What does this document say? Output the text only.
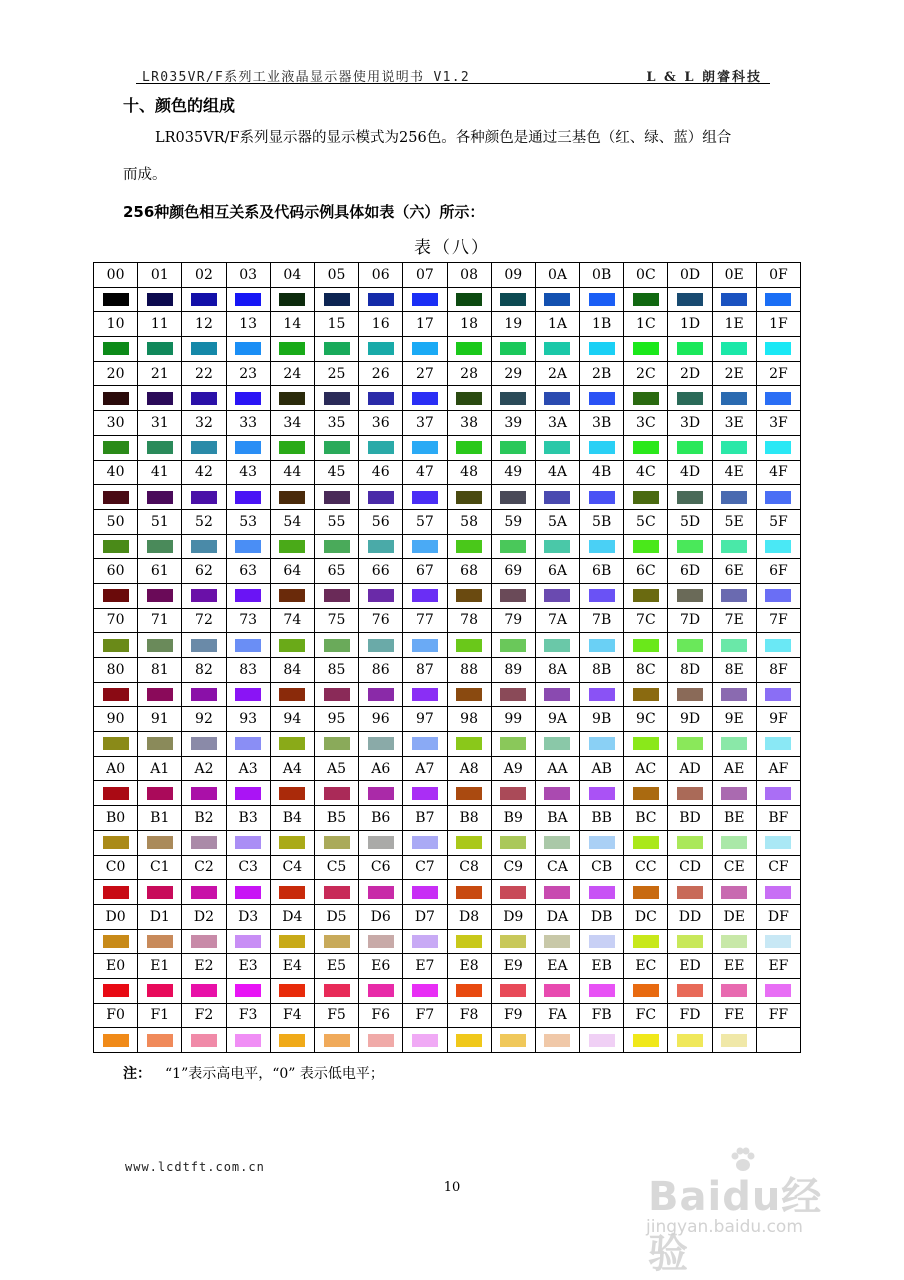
LR035VR/F系列工业液晶显示器使用说明书 V1.2	L & L 朗睿科技
十、颜色的组成

LR035VR/F系列显示器的显示模式为256色。各种颜色是通过三基色（红、绿、蓝）组合

而成。

256种颜色相互关系及代码示例具体如表（六）所示：
表（八）
00	01	02	03	04	05	06	07	08	09	0A	0B	0C	0D	0E	0F

10	11	12	13	14	15	16	17	18	19	1A	1B	1C	1D	1E	1F

20	21	22	23	24	25	26	27	28	29	2A	2B	2C	2D	2E	2F

30	31	32	33	34	35	36	37	38	39	3A	3B	3C	3D	3E	3F

40	41	42	43	44	45	46	47	48	49	4A	4B	4C	4D	4E	4F

50	51	52	53	54	55	56	57	58	59	5A	5B	5C	5D	5E	5F

60	61	62	63	64	65	66	67	68	69	6A	6B	6C	6D	6E	6F

70	71	72	73	74	75	76	77	78	79	7A	7B	7C	7D	7E	7F

80	81	82	83	84	85	86	87	88	89	8A	8B	8C	8D	8E	8F

90	91	92	93	94	95	96	97	98	99	9A	9B	9C	9D	9E	9F

A0	A1	A2	A3	A4	A5	A6	A7	A8	A9	AA	AB	AC	AD	AE	AF

B0	B1	B2	B3	B4	B5	B6	B7	B8	B9	BA	BB	BC	BD	BE	BF

C0	C1	C2	C3	C4	C5	C6	C7	C8	C9	CA	CB	CC	CD	CE	CF

D0	D1	D2	D3	D4	D5	D6	D7	D8	D9	DA	DB	DC	DD	DE	DF

E0	E1	E2	E3	E4	E5	E6	E7	E8	E9	EA	EB	EC	ED	EE	EF

F0	F1	F2	F3	F4	F5	F6	F7	F8	F9	FA	FB	FC	FD	FE	FF

注： “1”表示高电平，“0” 表示低电平；
www.lcdtft.com.cn
10	Baidu经验
jingyan.baidu.com
